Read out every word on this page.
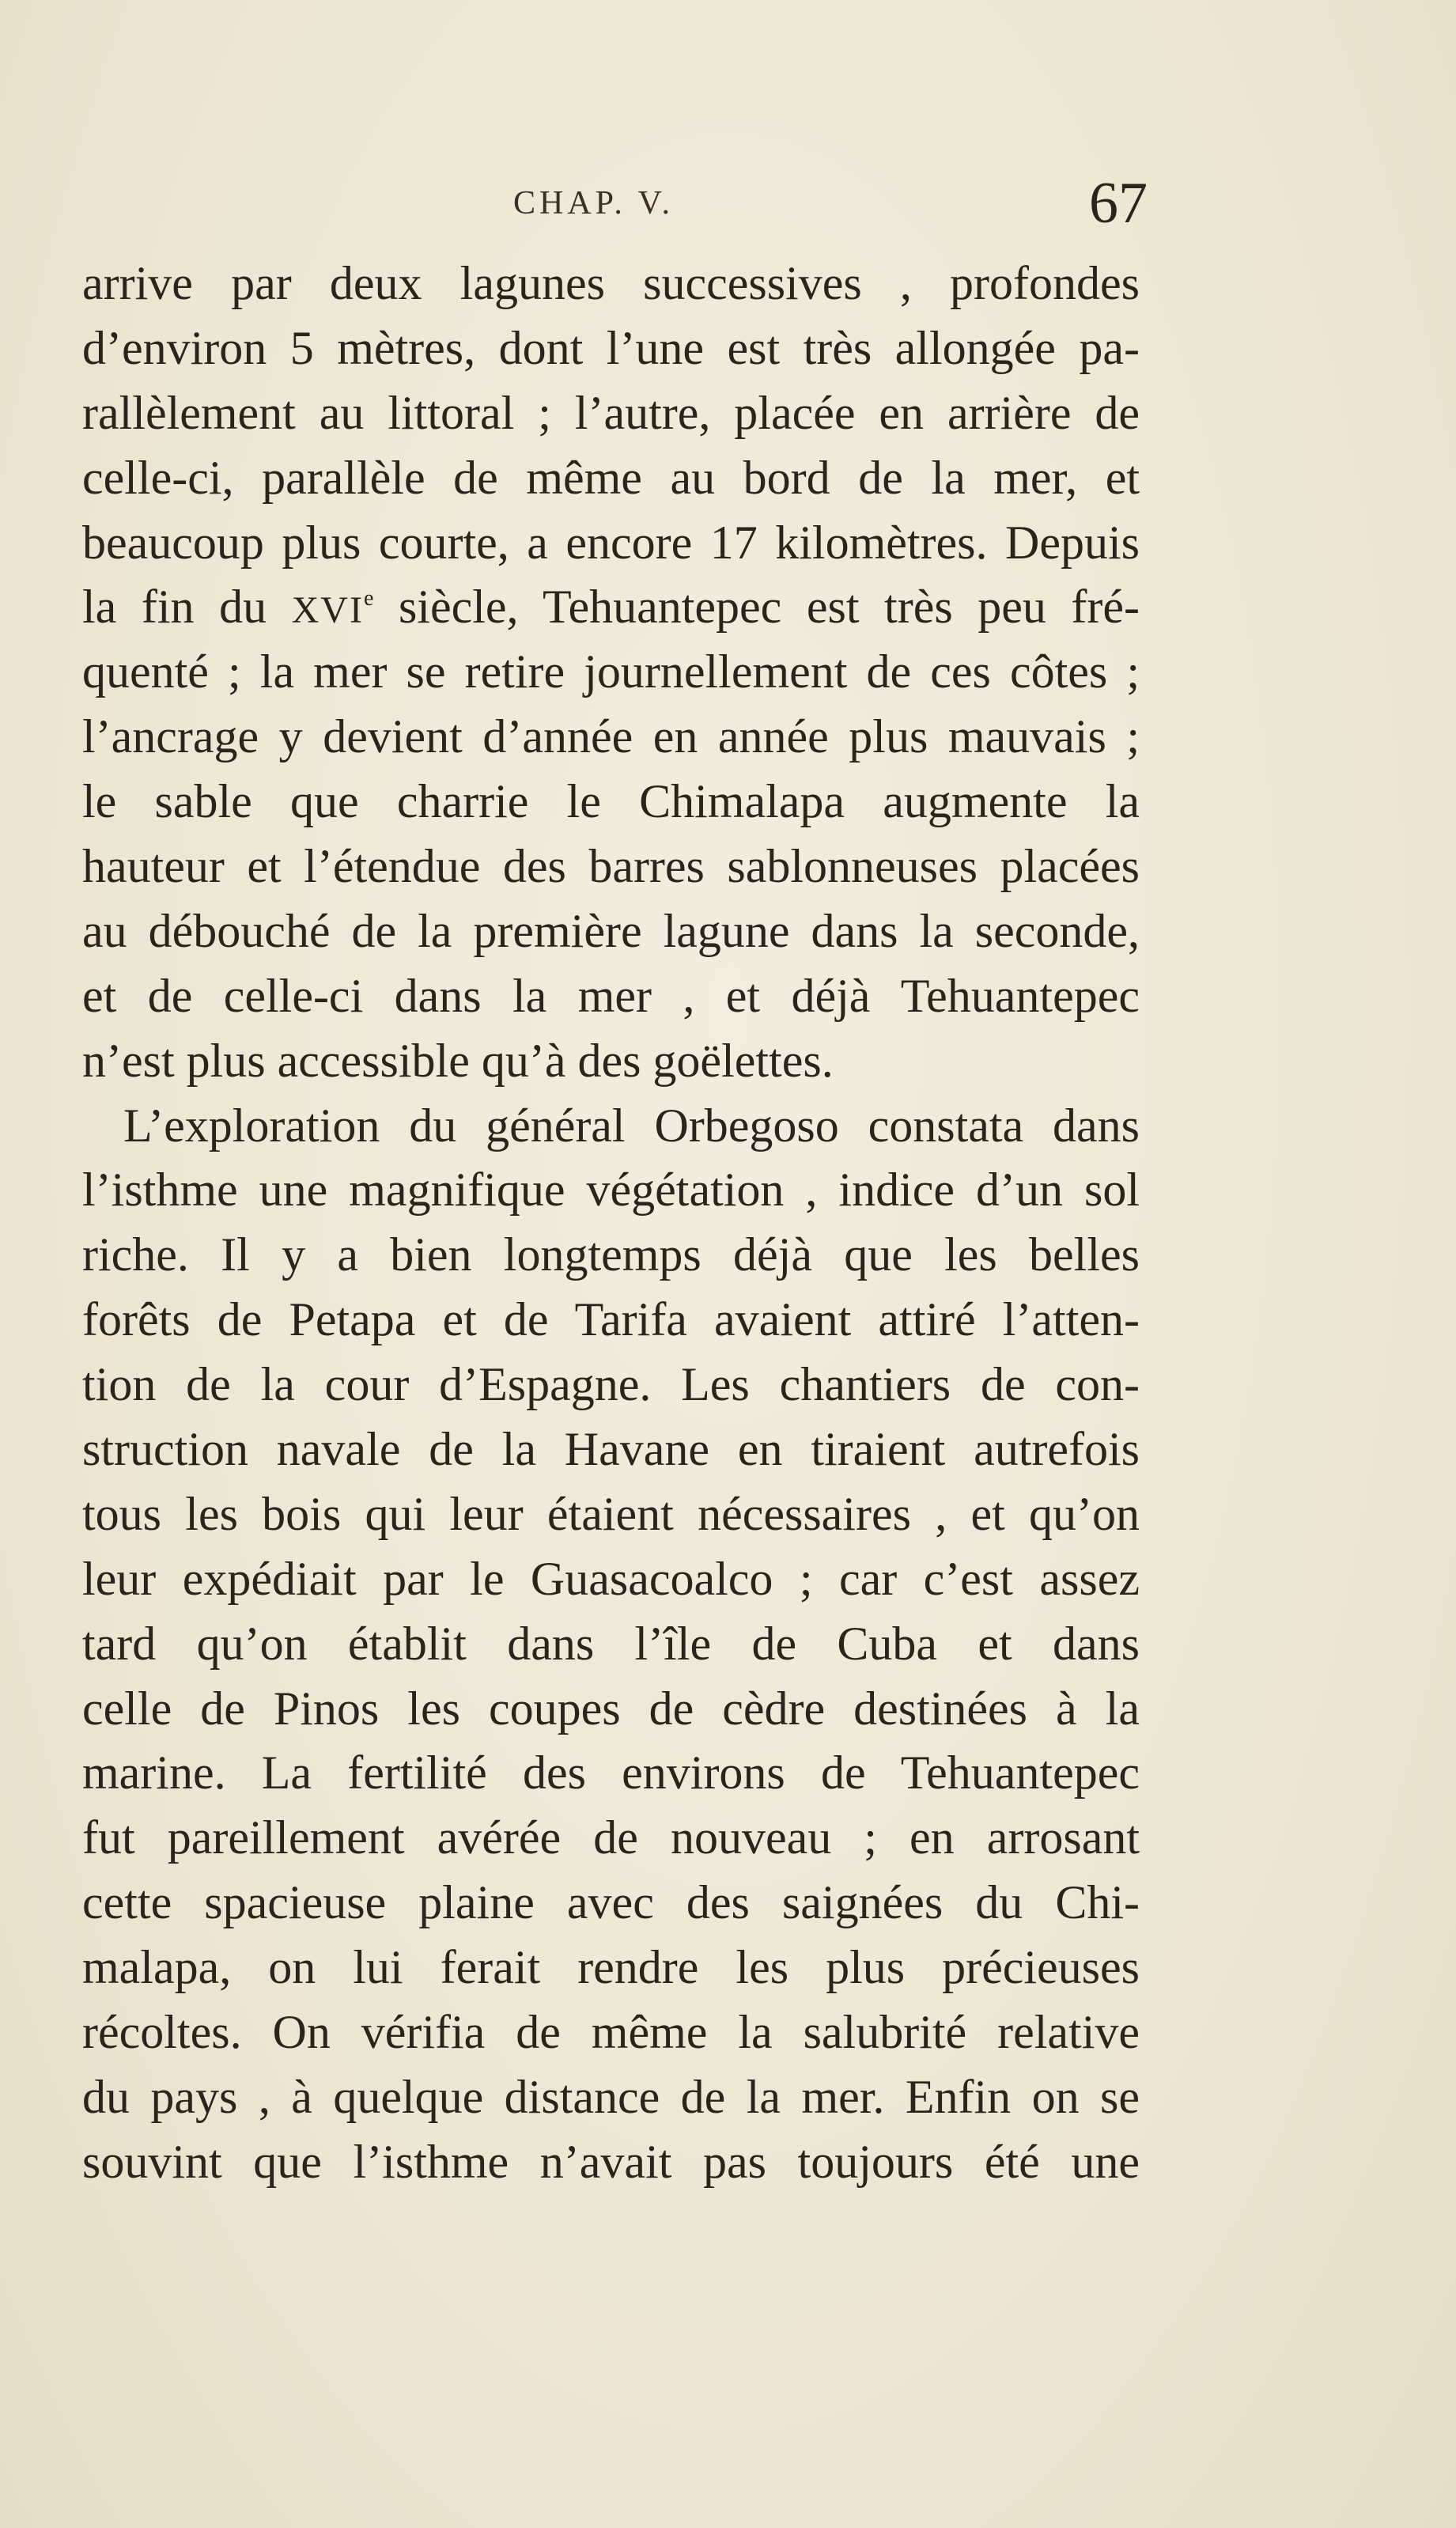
CHAP. V.	67
arrive par deux lagunes successives , profondes
d’environ 5 mètres, dont l’une est très allongée pa-
rallèlement au littoral ; l’autre, placée en arrière de
celle-ci, parallèle de même au bord de la mer, et
beaucoup plus courte, a encore 17 kilomètres. Depuis
la fin du XVIe siècle, Tehuantepec est très peu fré-
quenté ; la mer se retire journellement de ces côtes ;
l’ancrage y devient d’année en année plus mauvais ;
le sable que charrie le Chimalapa augmente la
hauteur et l’étendue des barres sablonneuses placées
au débouché de la première lagune dans la seconde,
et de celle-ci dans la mer , et déjà Tehuantepec
n’est plus accessible qu’à des goëlettes.
L’exploration du général Orbegoso constata dans
l’isthme une magnifique végétation , indice d’un sol
riche. Il y a bien longtemps déjà que les belles
forêts de Petapa et de Tarifa avaient attiré l’atten-
tion de la cour d’Espagne. Les chantiers de con-
struction navale de la Havane en tiraient autrefois
tous les bois qui leur étaient nécessaires , et qu’on
leur expédiait par le Guasacoalco ; car c’est assez
tard qu’on établit dans l’île de Cuba et dans
celle de Pinos les coupes de cèdre destinées à la
marine. La fertilité des environs de Tehuantepec
fut pareillement avérée de nouveau ; en arrosant
cette spacieuse plaine avec des saignées du Chi-
malapa, on lui ferait rendre les plus précieuses
récoltes. On vérifia de même la salubrité relative
du pays , à quelque distance de la mer. Enfin on se
souvint que l’isthme n’avait pas toujours été une
